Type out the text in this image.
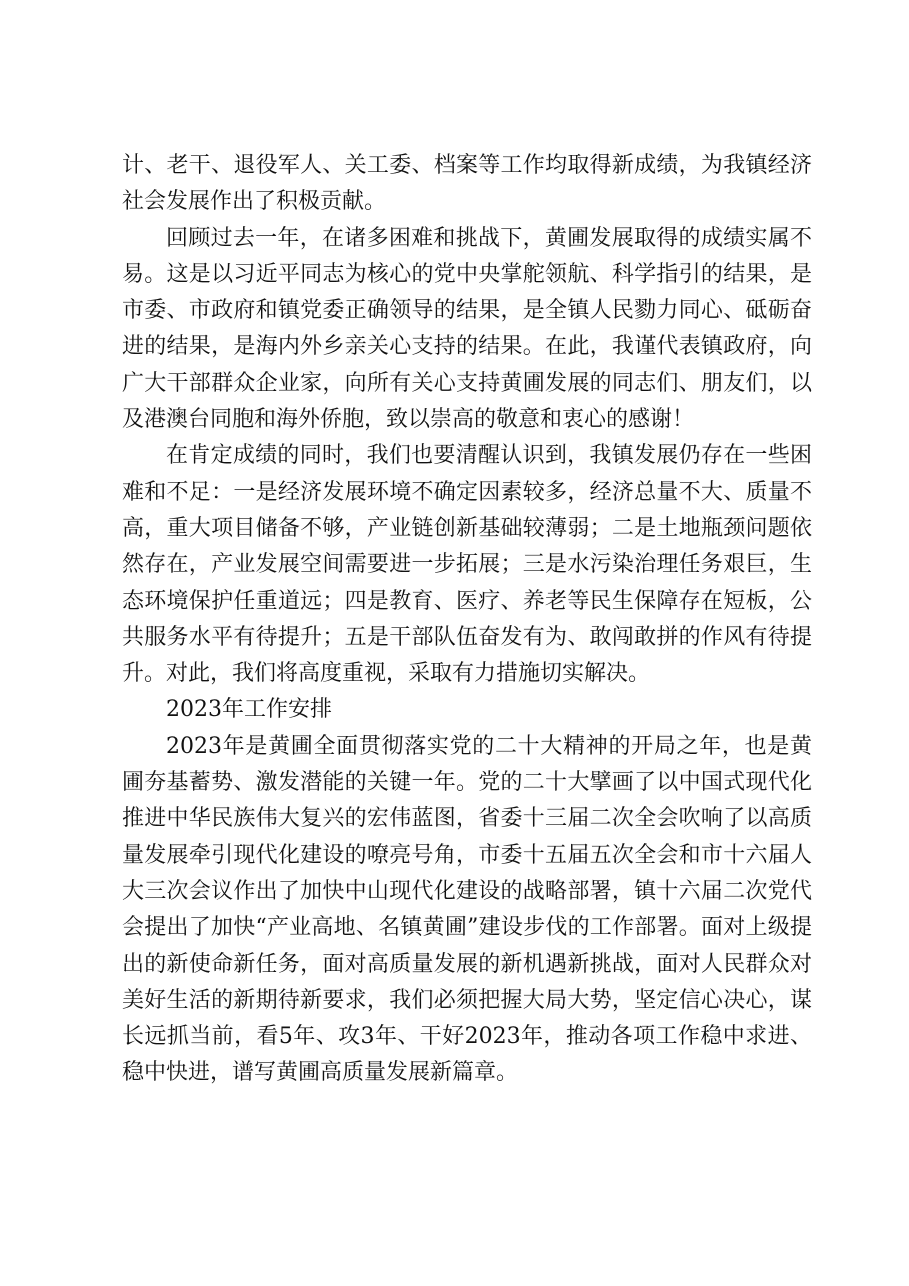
计、老干、退役军人、关工委、档案等工作均取得新成绩，为我镇经济社会发展作出了积极贡献。

回顾过去一年，在诸多困难和挑战下，黄圃发展取得的成绩实属不易。这是以习近平同志为核心的党中央掌舵领航、科学指引的结果，是市委、市政府和镇党委正确领导的结果，是全镇人民勠力同心、砥砺奋进的结果，是海内外乡亲关心支持的结果。在此，我谨代表镇政府，向广大干部群众企业家，向所有关心支持黄圃发展的同志们、朋友们，以及港澳台同胞和海外侨胞，致以崇高的敬意和衷心的感谢！

在肯定成绩的同时，我们也要清醒认识到，我镇发展仍存在一些困难和不足：一是经济发展环境不确定因素较多，经济总量不大、质量不高，重大项目储备不够，产业链创新基础较薄弱；二是土地瓶颈问题依然存在，产业发展空间需要进一步拓展；三是水污染治理任务艰巨，生态环境保护任重道远；四是教育、医疗、养老等民生保障存在短板，公共服务水平有待提升；五是干部队伍奋发有为、敢闯敢拼的作风有待提升。对此，我们将高度重视，采取有力措施切实解决。

2023年工作安排

2023年是黄圃全面贯彻落实党的二十大精神的开局之年，也是黄圃夯基蓄势、激发潜能的关键一年。党的二十大擘画了以中国式现代化推进中华民族伟大复兴的宏伟蓝图，省委十三届二次全会吹响了以高质量发展牵引现代化建设的嘹亮号角，市委十五届五次全会和市十六届人大三次会议作出了加快中山现代化建设的战略部署，镇十六届二次党代会提出了加快“产业高地、名镇黄圃”建设步伐的工作部署。面对上级提出的新使命新任务，面对高质量发展的新机遇新挑战，面对人民群众对美好生活的新期待新要求，我们必须把握大局大势，坚定信心决心，谋长远抓当前，看5年、攻3年、干好2023年，推动各项工作稳中求进、稳中快进，谱写黄圃高质量发展新篇章。
